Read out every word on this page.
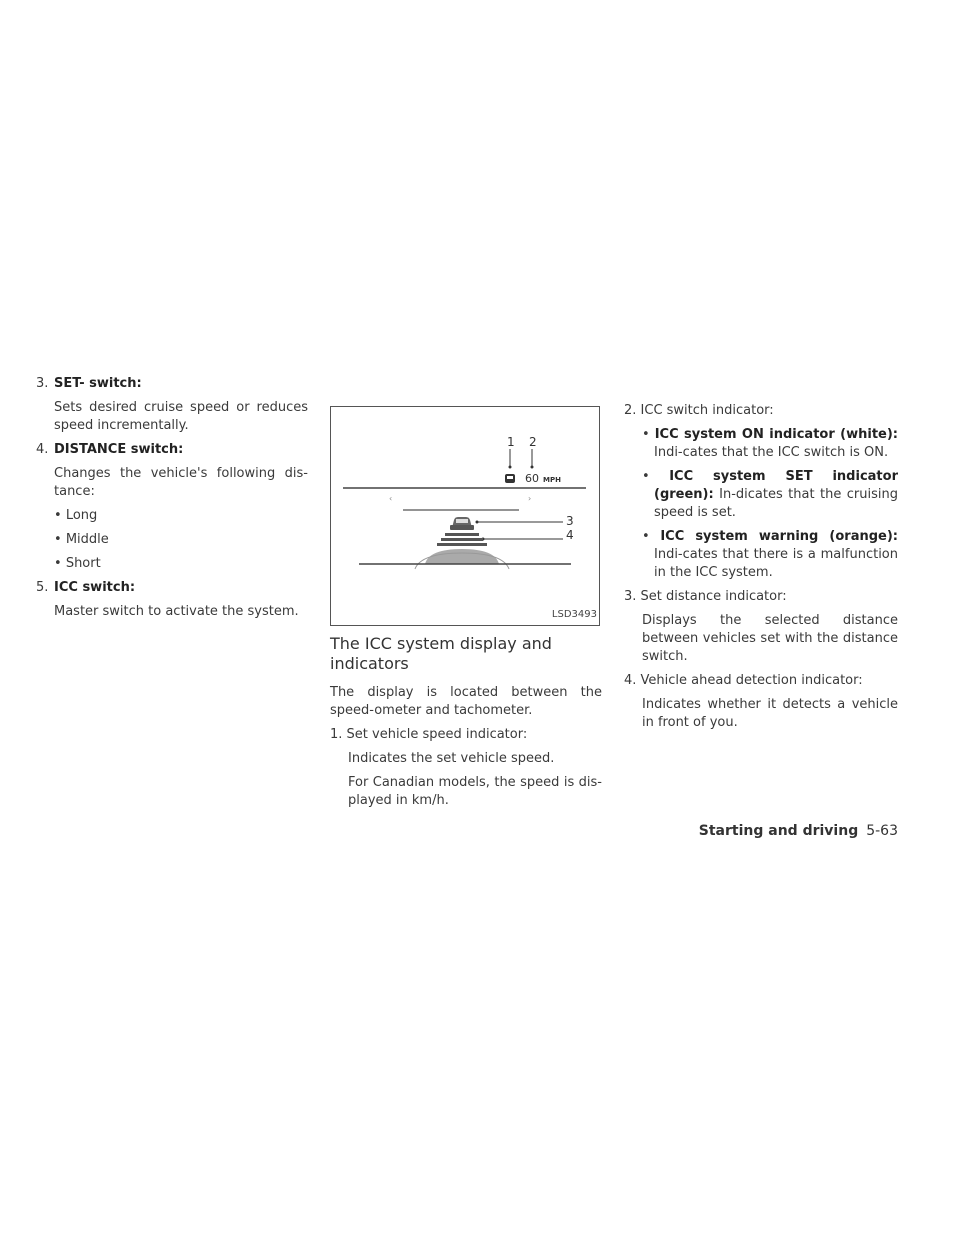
3. SET- switch:

Sets desired cruise speed or reduces speed incrementally.

4. DISTANCE switch:

Changes the vehicle's following dis-tance:

• Long

• Middle

• Short

5. ICC switch:

Master switch to activate the system.

1 2
3
4
60 MPH
‹	›
LSD3493
The ICC system display and indicators

The display is located between the speed-ometer and tachometer.

1. Set vehicle speed indicator:

Indicates the set vehicle speed.

For Canadian models, the speed is dis-played in km/h.

2. ICC switch indicator:

• ICC system ON indicator (white): Indi-cates that the ICC switch is ON.

• ICC system SET indicator (green): In-dicates that the cruising speed is set.

• ICC system warning (orange): Indi-cates that there is a malfunction in the ICC system.

3. Set distance indicator:

Displays the selected distance between vehicles set with the distance switch.

4. Vehicle ahead detection indicator:

Indicates whether it detects a vehicle in front of you.

Starting and driving 5-63
